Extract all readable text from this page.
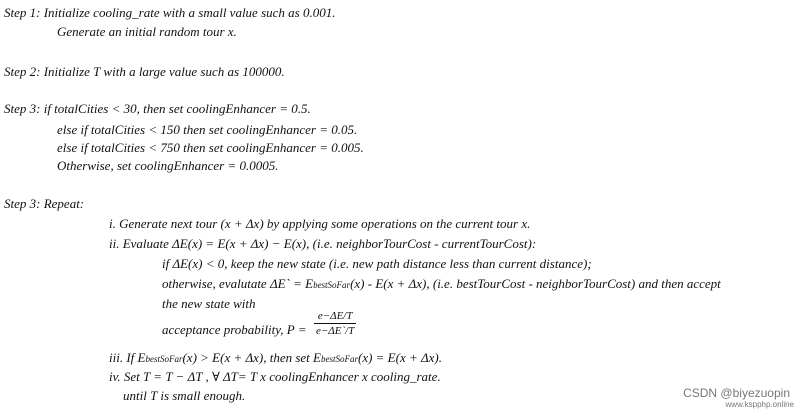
Step 1: Initialize cooling_rate with a small value such as 0.001.
Generate an initial random tour x.
Step 2: Initialize T with a large value such as 100000.
Step 3: if totalCities < 30, then set coolingEnhancer = 0.5.
else if totalCities < 150 then set coolingEnhancer = 0.05.
else if totalCities < 750 then set coolingEnhancer = 0.005.
Otherwise, set coolingEnhancer = 0.0005.
Step 3: Repeat:
i. Generate next tour (x + Δx) by applying some operations on the current tour x.
ii. Evaluate ΔE(x) = E(x + Δx) − E(x), (i.e. neighborTourCost - currentTourCost):
if ΔE(x) < 0, keep the new state (i.e. new path distance less than current distance);
otherwise, evalutate ΔE` = EbestSoFar(x) - E(x + Δx), (i.e. bestTourCost - neighborTourCost) and then accept
the new state with
acceptance probability, P =
e−ΔE/T
e−ΔE`/T
iii. If EbestSoFar(x) > E(x + Δx), then set EbestSoFar(x) = E(x + Δx).
iv. Set T = T − ΔT , ∀ ΔT= T x coolingEnhancer x cooling_rate.
until T is small enough.	CSDN @biyezuopin
www.kspphp.online
